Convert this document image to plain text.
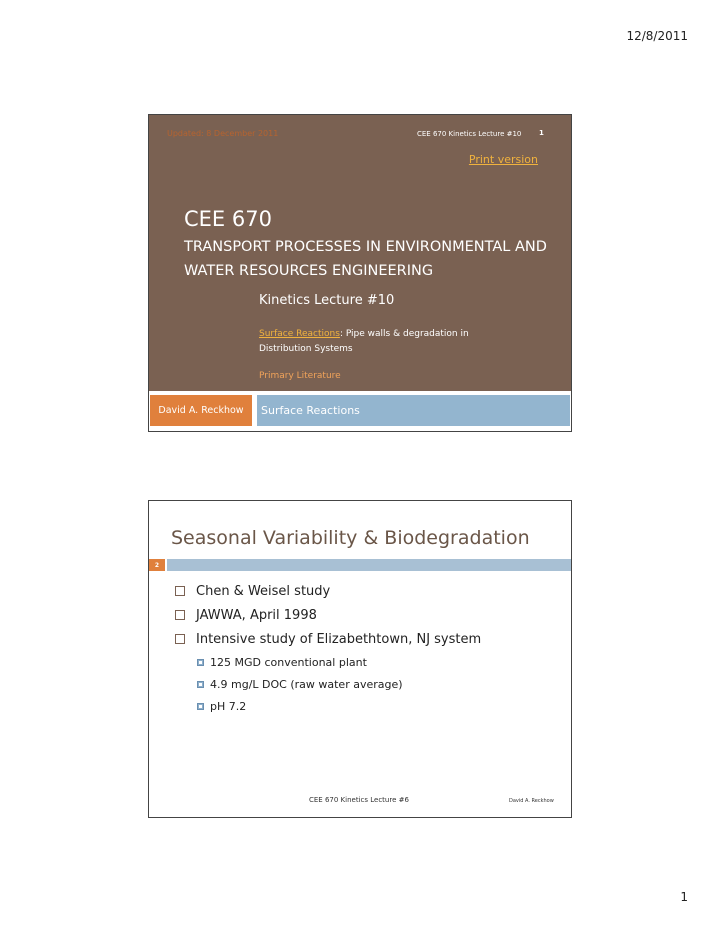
12/8/2011
Updated: 8 December 2011	CEE 670 Kinetics Lecture #10	1
Print version
CEE 670
TRANSPORT PROCESSES IN ENVIRONMENTAL AND WATER RESOURCES ENGINEERING
Kinetics Lecture #10
Surface Reactions: Pipe walls & degradation in Distribution Systems
Primary Literature
David A. Reckhow	Surface Reactions
Seasonal Variability & Biodegradation
2
Chen & Weisel study
JAWWA, April 1998
Intensive study of Elizabethtown, NJ system
125 MGD conventional plant
4.9 mg/L DOC (raw water average)
pH 7.2
CEE 670 Kinetics Lecture #6	David A. Reckhow
1
